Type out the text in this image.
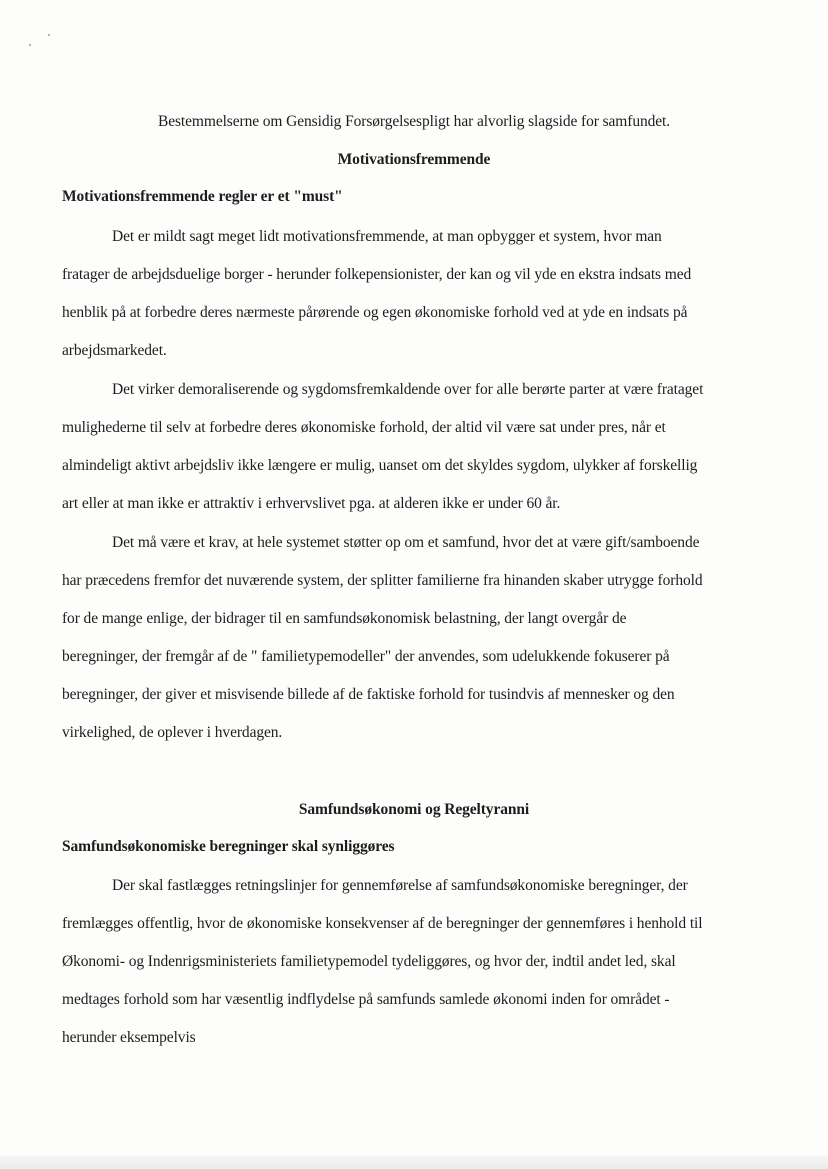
Bestemmelserne om Gensidig Forsørgelsespligt har alvorlig slagside for samfundet.
Motivationsfremmende
Motivationsfremmende regler er et "must"
Det er mildt sagt meget lidt motivationsfremmende, at man opbygger et system, hvor man
fratager de arbejdsduelige borger - herunder folkepensionister, der kan og vil yde en ekstra indsats med
henblik på at forbedre deres nærmeste pårørende og egen økonomiske forhold ved at yde en indsats på
arbejdsmarkedet.
Det virker demoraliserende og sygdomsfremkaldende over for alle berørte parter at være frataget
mulighederne til selv at forbedre deres økonomiske forhold, der altid vil være sat under pres, når et
almindeligt aktivt arbejdsliv ikke længere er mulig, uanset om det skyldes sygdom, ulykker af forskellig
art eller at man ikke er attraktiv i erhvervslivet pga. at alderen ikke er under 60 år.
Det må være et krav, at hele systemet støtter op om et samfund, hvor det at være gift/samboende
har præcedens fremfor det nuværende system, der splitter familierne fra hinanden skaber utrygge forhold
for de mange enlige, der bidrager til en samfundsøkonomisk belastning, der langt overgår de
beregninger, der fremgår af de " familietypemodeller" der anvendes, som udelukkende fokuserer på
beregninger, der giver et misvisende billede af de faktiske forhold for tusindvis af mennesker og den
virkelighed, de oplever i hverdagen.
Samfundsøkonomi og Regeltyranni
Samfundsøkonomiske beregninger skal synliggøres
Der skal fastlægges retningslinjer for gennemførelse af samfundsøkonomiske beregninger, der
fremlægges offentlig, hvor de økonomiske konsekvenser af de beregninger der gennemføres i henhold til
Økonomi- og Indenrigsministeriets familietypemodel tydeliggøres, og hvor der, indtil andet led, skal
medtages forhold som har væsentlig indflydelse på samfunds samlede økonomi inden for området -
herunder eksempelvis
